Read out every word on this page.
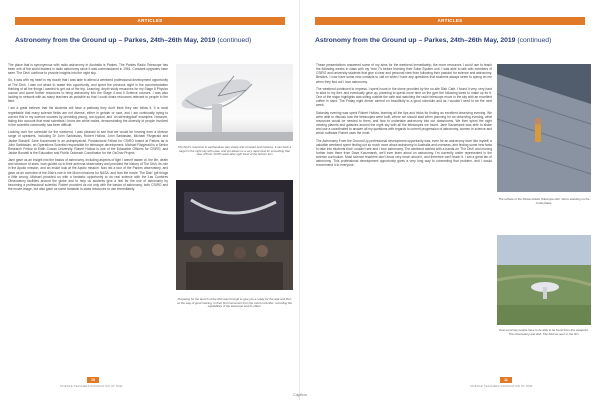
ARTICLES
Astronomy from the Ground up – Parkes, 24th–26th May, 2019 (continued)

The place that is synonymous with radio astronomy in Australia is Parkes. The Parkes Radio Telescope has been one of the world leaders in radio astronomy since it was commissioned in 1961. Constant upgrades have seen 'The Dish' continue to provide insights into the night sky.

So, it was with my heart in my mouth that I was able to attend a weekend professional development opportunity at The Dish. I was not about to waste this opportunity, and spent the previous night in the accommodation thinking of all the things I wanted to get out of the trip. Learning, depth study resources for my Stage 6 Physics course and some further resources to bring astronomy into the Stage 4 and 5 Science courses. I was also looking to network with as many teachers as possible so that I could share resources relevant to people in the field.

I am a great believer that the students will have a pathway they don't think they can follow it. It is most regrettable that many science fields are not diverse, either in gender or race, and I am continually trying to correct this in my science courses by providing young, non-typical, and 'on-stereotypical' examples. However, taking into account that most scientists I know are white males, demonstrating the diversity of people involved in the scientific community has been difficult.

Looking over the schedule for the weekend, I was pleased to see that we would be hearing from a diverse range of speakers, including Dr John Sarkissian, Robert Hollow, John Sarkissian, Michael Fitzgerald and Jackie Bondell. Jane Kaczmarek is an astrophysicist, Postdoctoral Fellow for CSIRO based at Parkes as is John Sarkissian, an Operations Scientist responsible for telescope development. Michael Fitzgerald is a Senior Research Fellow at Edith Cowan University. Robert Hollow is one of the Education Officers for CSIRO, and Jackie Bondell is the Education and Public Outreach Coordinator for the OzGrav Project.

Jane gave us an insight into the basics of astronomy, including aspects of light I wasn't aware of, the life, death and structure of stars. Ivan guided us to their antenna observatory and provided the history of The Dish, its role in the Apollo mission, and an inside look at the Apollo mission. Ivan led a tour of the Parkes observatory, and gave us an overview of the Dish's role in the Moon missions for NASA, and how the movie 'The Dish' got things a little wrong. Michael provided us with a fantastic opportunity to do real science with the Las Cumbres Observatory facilities around the globe and to help us students give a feel for the use of astronomy by becoming a professional scientist. Robert provided us not only with the basics of astronomy, both CSIRO and the movie image, but also gave us some fantastic in-class resources to use immediately.

The Dish's response to earthquakes was slowly and constant and instance. It can track a target in the night sky with ease, and yet allows us a very rapid view for something that slow. (Photo: NATO wave-later right hand of the bottom arm
Preparing for the launch of the dish was through to give you a ready for the wait and then on the way of good training, to their first instrument from the robot-controller; recording the capabilities of the telescope and its effect.
10
SCIENCE TEACHERS ASSOCIATION OF NSW
ARTICLES
Astronomy from the Ground up – Parkes, 24th–26th May, 2019 (continued)

These presentations answered some of my aims for the weekend immediately; the more resources I could use to teach the following weeks in class with my Year 7's before learning their Solar System unit. I was able to talk with members of CSIRO and university students that give a clear and personal view from following their passion for science and astronomy. Besides, I now have some new contacts to call on when I have any questions that students always seem to spring on me when they find out I love astronomy.

The weekend continued to impress. I spent hours in the dome provided by the on-site Dish Café. I found it very, very hard to stick to my diet, and eventually gave up, planning to spend more time on the gym the following week to make up for it. One of the major highlights was sitting outside the café and watching the radio telescope move in the sky with an excellent coffee in hand. The Friday night dinner carried on beautifully to a good schedule and as I wouldn't need to be the next week.

Saturday evening was spent Robert Hollow, learning all the tips and tricks for finding an excellent observing evening. We were able to discuss how the telescopes were built, where we should start when planning for an observing evening, what resources would be needed to them, and how to undertake astronomy into our classrooms. We then spent the night viewing planets and galaxies around the night sky with all the telescopes we found. Jane Kaczmarek was able to share and use a coordinated to answer all my questions with regards to current progression of astronomy, women in science and which software Robert uses the most.

The Astronomy From the Ground Up professional development opportunity was, even for an astronomy lover like myself, a valuable weekend spent finding out so much more about astronomy in Australia and overseas, and finding some new facts to take into students that I couldn't see and I love astronomy. The weekend started with a hands-on 'The Dish' and moving further from there from Dave Kaczmarek, we'll ever learn about on astronomy. I'm currently under represented in the science curriculum. Most science teachers don't know very much about it, and therefore can't teach it. I am a great fan of astronomy. This professional development opportunity gives a very long way to connecting that problem, and I would recommend it to everyone.

The surface of the Parkes Radio Telescope dish. We're standing on the metal plates.
Post-summary people have to be able to be found from this viewpoint. The observatory and dish: The Dish as seen in the film.
11
SCIENCE TEACHERS ASSOCIATION OF NSW
Caption
